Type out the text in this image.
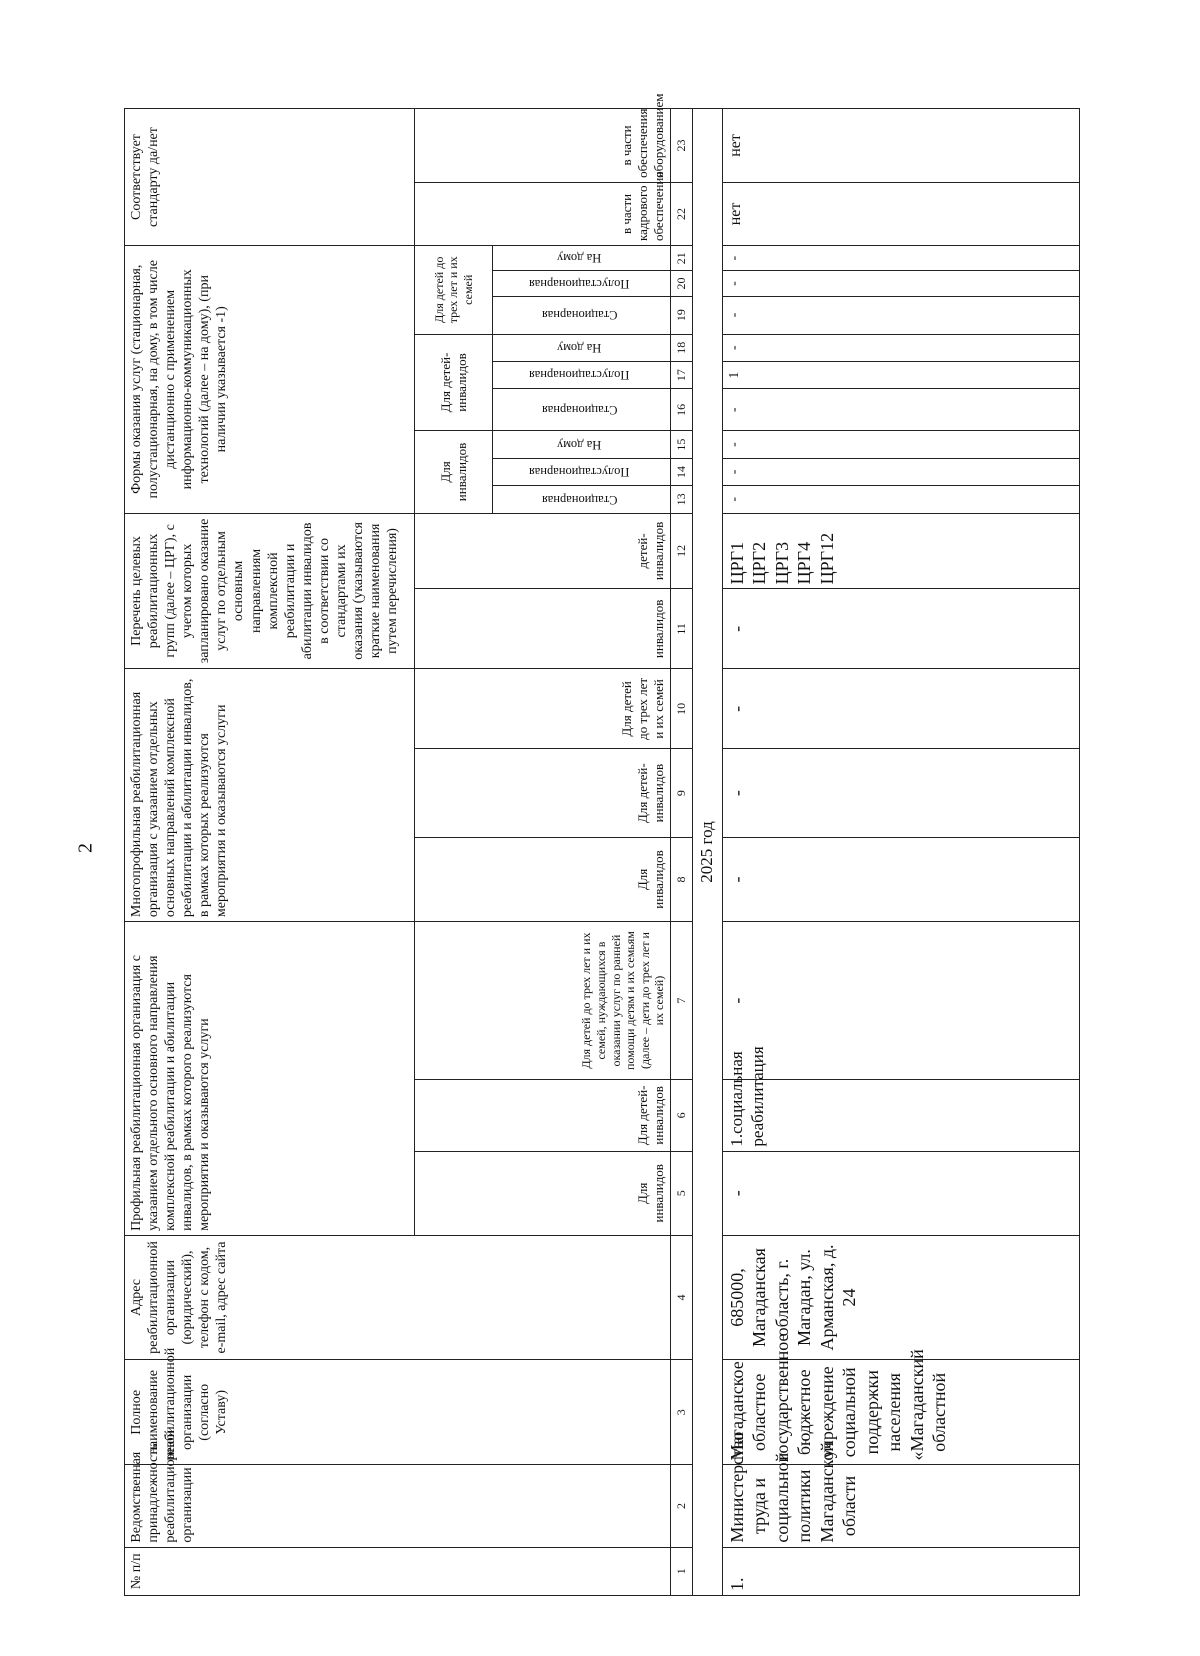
2
№ п/п	Ведомственная принадлежность реабилитационной организации	Полное наименование реабилитационной организации (согласно Уставу)	Адрес реабилитационной организации (юридический), телефон с кодом, e-mail, адрес сайта	Профильная реабилитационная организация с указанием отдельного основного направления комплексной реабилитации и абилитации инвалидов, в рамках которого реализуются мероприятия и оказываются услуги			Многопрофильная реабилитационная организация с указанием отдельных основных направлений комплексной реабилитации и абилитации инвалидов, в рамках которых реализуются мероприятия и оказываются услуги			Перечень целевых реабилитационных групп (далее – ЦРГ), с учетом которых запланировано оказание услуг по отдельным основным направлениям комплексной реабилитации и абилитации инвалидов в соответствии со стандартами их оказания (указываются краткие наименования путем перечисления)		Формы оказания услуг (стационарная, полустационарная, на дому, в том числе дистанционно с применением информационно-коммуникационных технологий (далее – на дому), (при наличии указывается -1)									Соответствует стандарту да/нет	
				Для инвалидов	Для детей-инвалидов	Для детей до трех лет и их семей, нуждающихся в оказании услуг по ранней помощи детям и их семьям (далее – дети до трех лет и их семей)	Для инвалидов	Для детей-инвалидов	Для детей до трех лет и их семей	инвалидов	детей-инвалидов	Для инвалидов			Для детей-инвалидов			Для детей до трех лет и их семей			в части кадрового обеспечения	в части обеспечения оборудованием
												Стационарная	Полустационарная	На дому	Стационарная	Полустационарная	На дому	Стационарная	Полустационарная	На дому		
1	2	3	4	5	6	7	8	9	10	11	12	13	14	15	16	17	18	19	20	21	22	23
2025 год																						
1.	Министерство труда и социальной политики Магаданской области	Магаданское областное государственное бюджетное учреждение социальной поддержки населения «Магаданский областной	685000, Магаданская область, г. Магадан, ул. Арманская, д. 24	-	1.социальная реабилитация	-	-	-	-	-	ЦРГ1 ЦРГ2 ЦРГ3 ЦРГ4 ЦРГ12	-	-	-	-	1	-	-	-	-	нет	нет
